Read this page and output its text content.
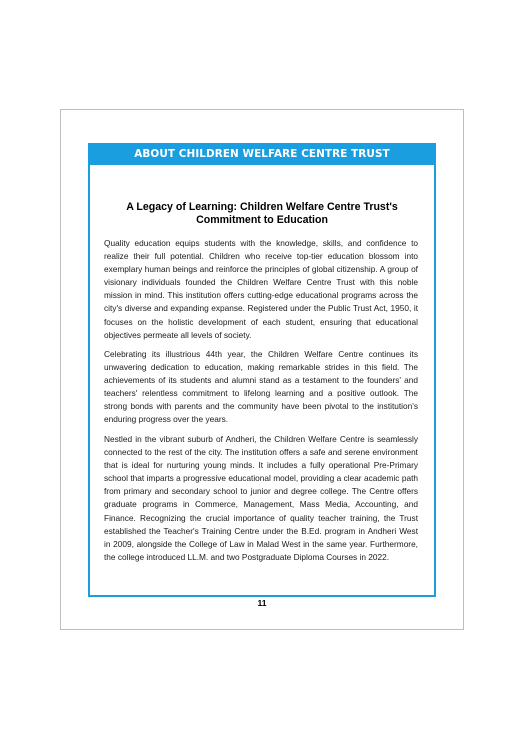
ABOUT CHILDREN WELFARE CENTRE TRUST
A Legacy of Learning: Children Welfare Centre Trust's
Commitment to Education

Quality education equips students with the knowledge, skills, and confidence to realize their full potential. Children who receive top-tier education blossom into exemplary human beings and reinforce the principles of global citizenship. A group of visionary individuals founded the Children Welfare Centre Trust with this noble mission in mind. This institution offers cutting-edge educational programs across the city's diverse and expanding expanse. Registered under the Public Trust Act, 1950, it focuses on the holistic development of each student, ensuring that educational objectives permeate all levels of society.

Celebrating its illustrious 44th year, the Children Welfare Centre continues its unwavering dedication to education, making remarkable strides in this field. The achievements of its students and alumni stand as a testament to the founders' and teachers' relentless commitment to lifelong learning and a positive outlook. The strong bonds with parents and the community have been pivotal to the institution's enduring progress over the years.

Nestled in the vibrant suburb of Andheri, the Children Welfare Centre is seamlessly connected to the rest of the city. The institution offers a safe and serene environment that is ideal for nurturing young minds. It includes a fully operational Pre-Primary school that imparts a progressive educational model, providing a clear academic path from primary and secondary school to junior and degree college. The Centre offers graduate programs in Commerce, Management, Mass Media, Accounting, and Finance. Recognizing the crucial importance of quality teacher training, the Trust established the Teacher's Training Centre under the B.Ed. program in Andheri West in 2009, alongside the College of Law in Malad West in the same year. Furthermore, the college introduced LL.M. and two Postgraduate Diploma Courses in 2022.

11
